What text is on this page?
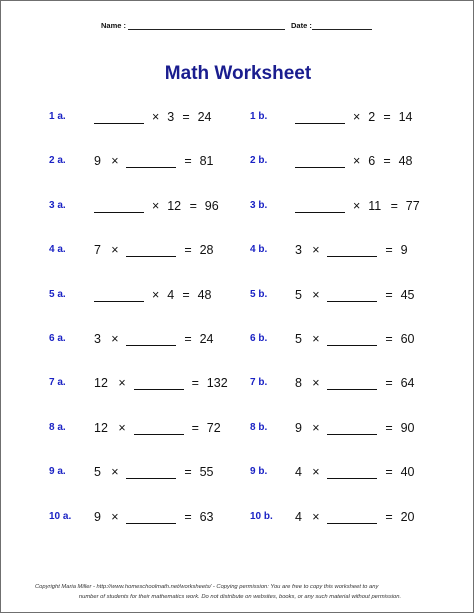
Name :	Date :
Math Worksheet
1 a.	× 3 = 24
2 a. 9 ×	= 81
3 a.	× 12 = 96
4 a. 7 ×	= 28
5 a.	× 4 = 48
6 a. 3 ×	= 24
7 a. 12 ×	= 132
8 a. 12 ×	= 72
9 a. 5 ×	= 55
10 a. 9 ×	= 63
1 b.	× 2 = 14
2 b.	× 6 = 48
3 b.	× 11 = 77
4 b. 3 ×	= 9
5 b. 5 ×	= 45
6 b. 5 ×	= 60
7 b. 8 ×	= 64
8 b. 9 ×	= 90
9 b. 4 ×	= 40
10 b. 4 ×	= 20
Copyright Maria Miller - http://www.homeschoolmath.net/worksheets/ - Copying permission: You are free to copy this worksheet to any
number of students for their mathematics work. Do not distribute on websites, books, or any such material without permission.
